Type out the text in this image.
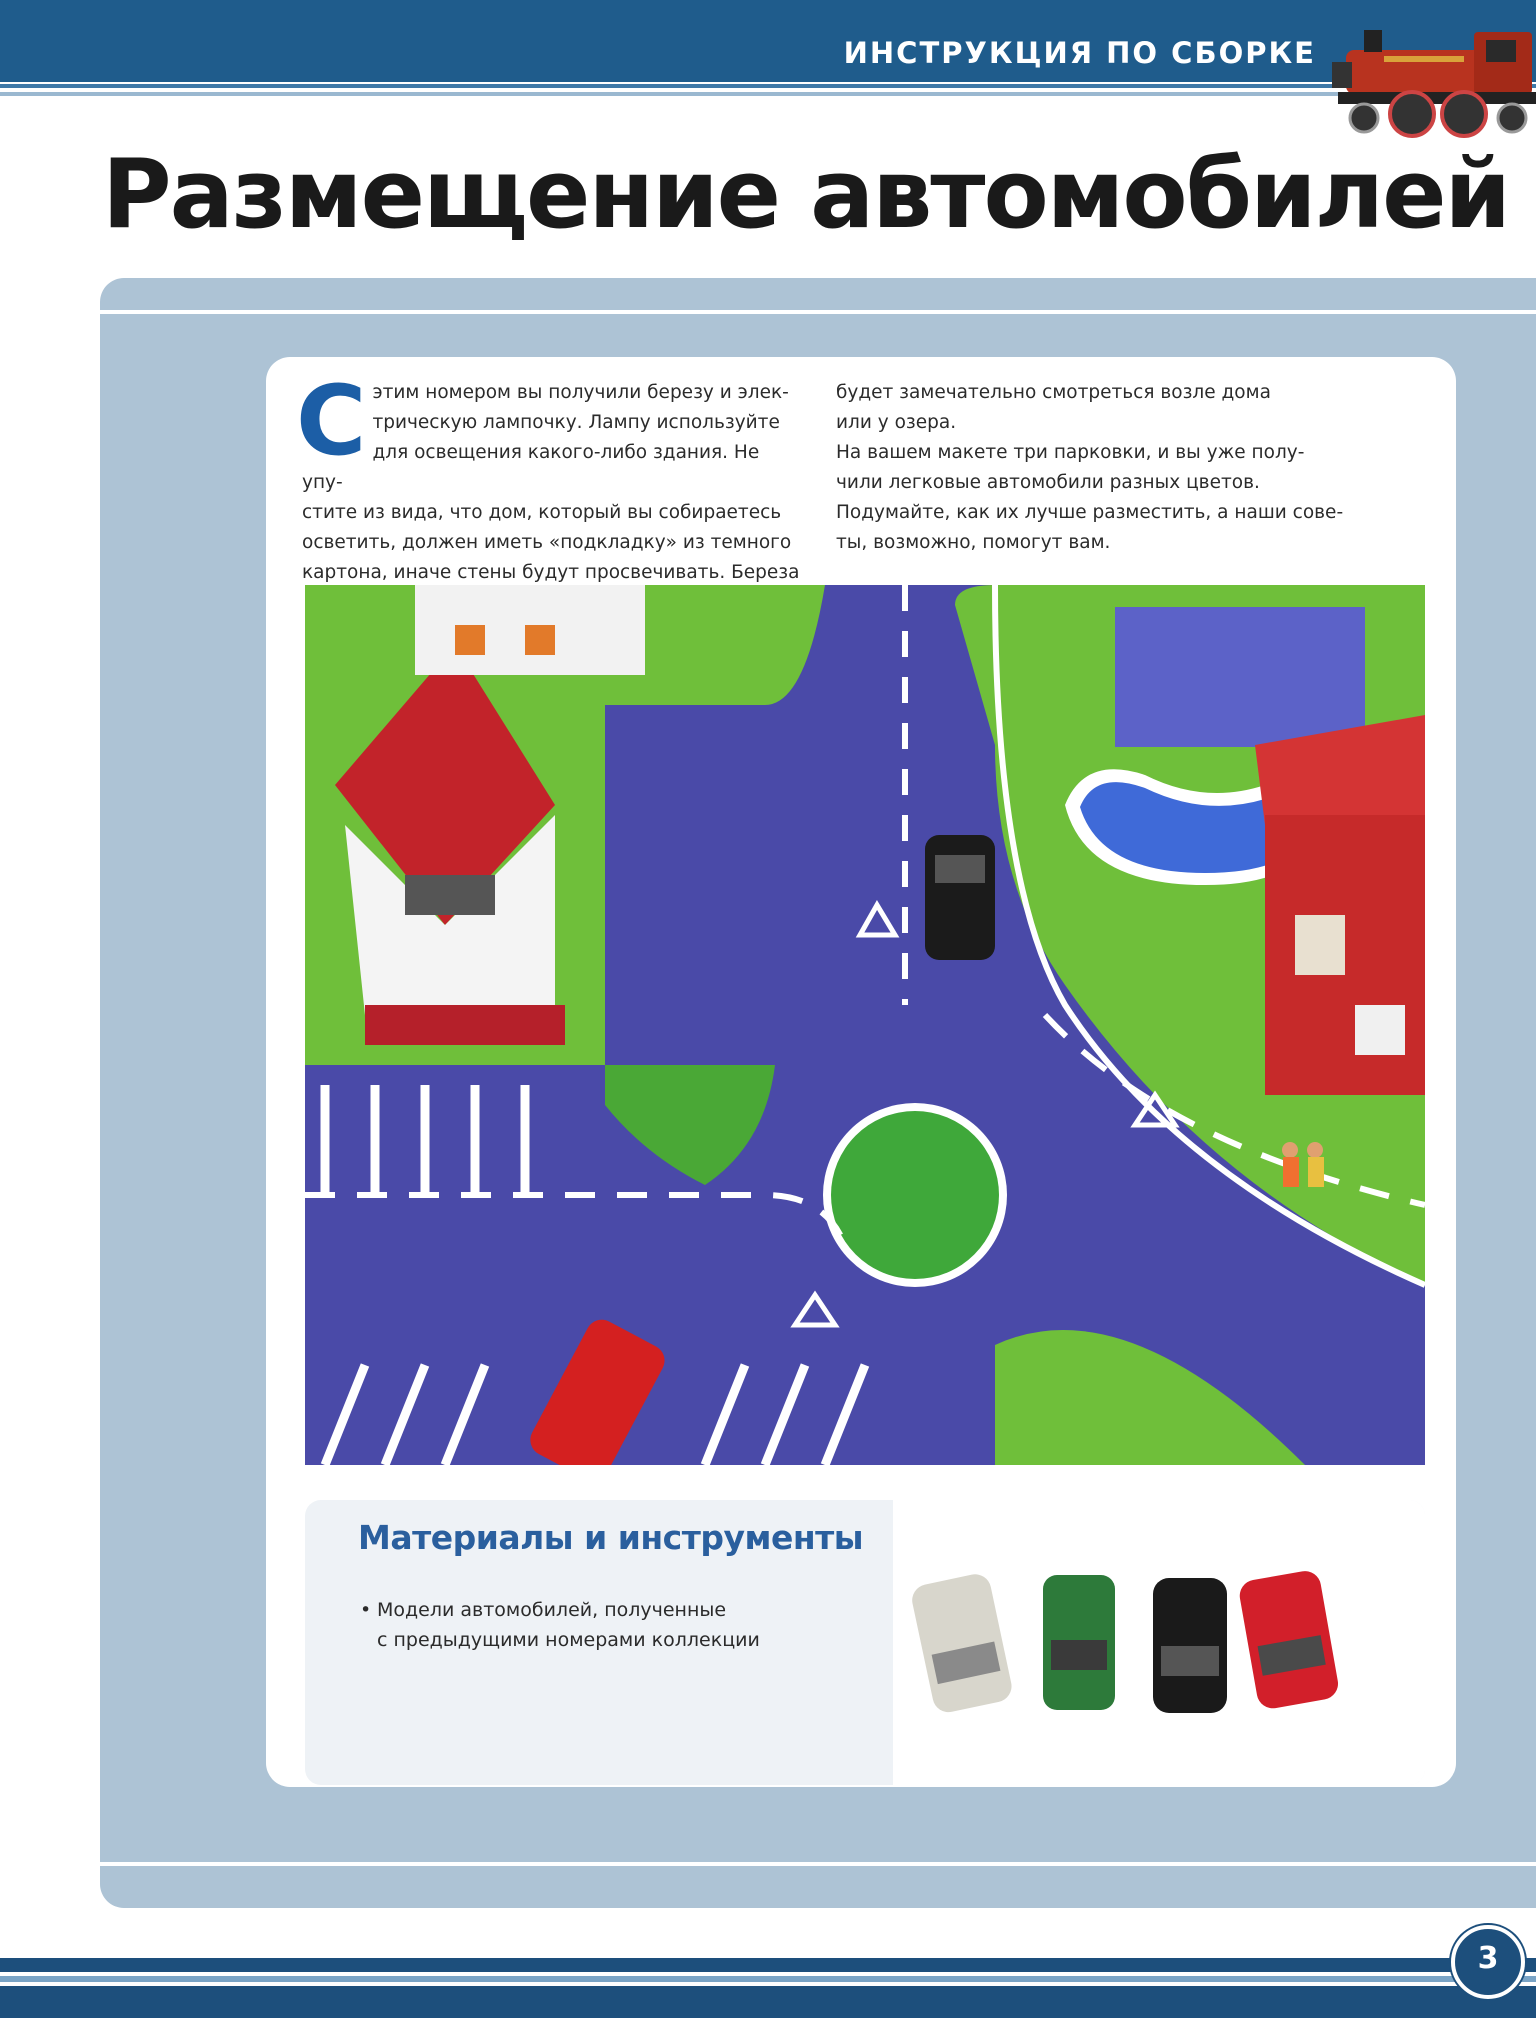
ИНСТРУКЦИЯ ПО СБОРКЕ
Размещение автомобилей
С этим номером вы получили березу и элек-

трическую лампочку. Лампу используйте

для освещения какого-либо здания. Не упу-

стите из вида, что дом, который вы собираетесь

осветить, должен иметь «подкладку» из темного

картона, иначе стены будут просвечивать. Береза

будет замечательно смотреться возле дома

или у озера.

На вашем макете три парковки, и вы уже полу-

чили легковые автомобили разных цветов.

Подумайте, как их лучше разместить, а наши сове-

ты, возможно, помогут вам.

Материалы и инструменты
• Модели автомобилей, полученные
с предыдущими номерами коллекции
3
